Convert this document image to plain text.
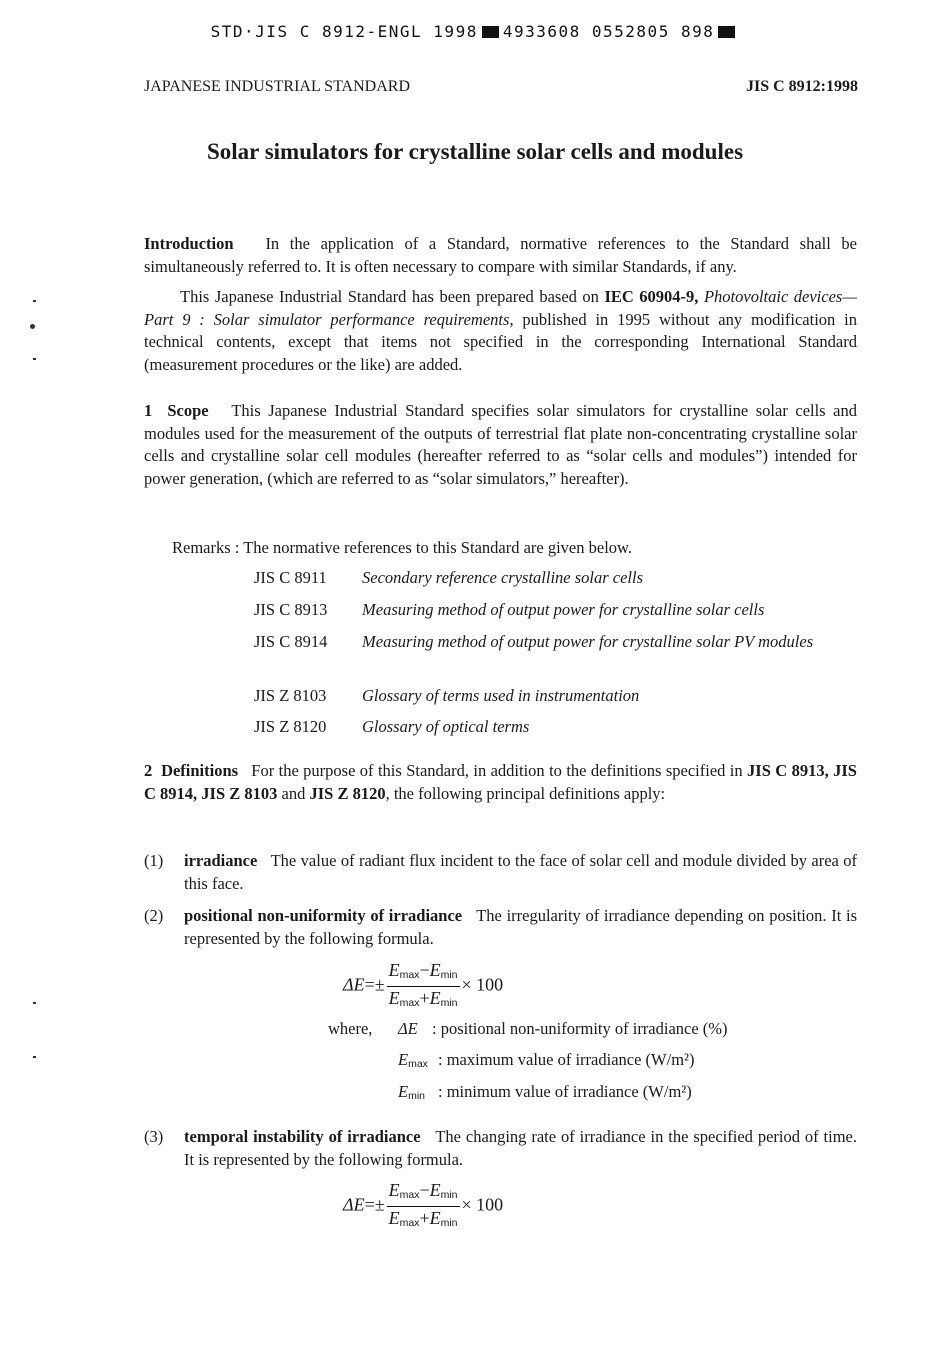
STD·JIS C 8912-ENGL 1998 4933608 0552805 898
JAPANESE INDUSTRIAL STANDARD	JIS C 8912:1998
Solar simulators for crystalline solar cells and modules
Introduction In the application of a Standard, normative references to the Standard shall be simultaneously referred to. It is often necessary to compare with similar Standards, if any.
This Japanese Industrial Standard has been prepared based on IEC 60904-9, Photovoltaic devices—Part 9 : Solar simulator performance requirements, published in 1995 without any modification in technical contents, except that items not specified in the corresponding International Standard (measurement procedures or the like) are added.
1 Scope This Japanese Industrial Standard specifies solar simulators for crystalline solar cells and modules used for the measurement of the outputs of terrestrial flat plate non-concentrating crystalline solar cells and crystalline solar cell modules (hereafter referred to as “solar cells and modules”) intended for power generation, (which are referred to as “solar simulators,” hereafter).
Remarks : The normative references to this Standard are given below.
JIS C 8911	Secondary reference crystalline solar cells
JIS C 8913	Measuring method of output power for crystalline solar cells
JIS C 8914	Measuring method of output power for crystalline solar PV modules
JIS Z 8103	Glossary of terms used in instrumentation
JIS Z 8120	Glossary of optical terms
2 Definitions For the purpose of this Standard, in addition to the definitions specified in JIS C 8913, JIS C 8914, JIS Z 8103 and JIS Z 8120, the following principal definitions apply:
(1) irradiance The value of radiant flux incident to the face of solar cell and module divided by area of this face.
(2) positional non-uniformity of irradiance The irregularity of irradiance depending on position. It is represented by the following formula.
$\Delta E=\pm \frac{Emax-Emin}{Emax+Emin} \times 100$
where, ΔE : positional non-uniformity of irradiance (%)
Emax : maximum value of irradiance (W/m²)
Emin : minimum value of irradiance (W/m²)
(3) temporal instability of irradiance The changing rate of irradiance in the specified period of time. It is represented by the following formula.
$\Delta E=\pm \frac{Emax-Emin}{Emax+Emin} \times 100$
